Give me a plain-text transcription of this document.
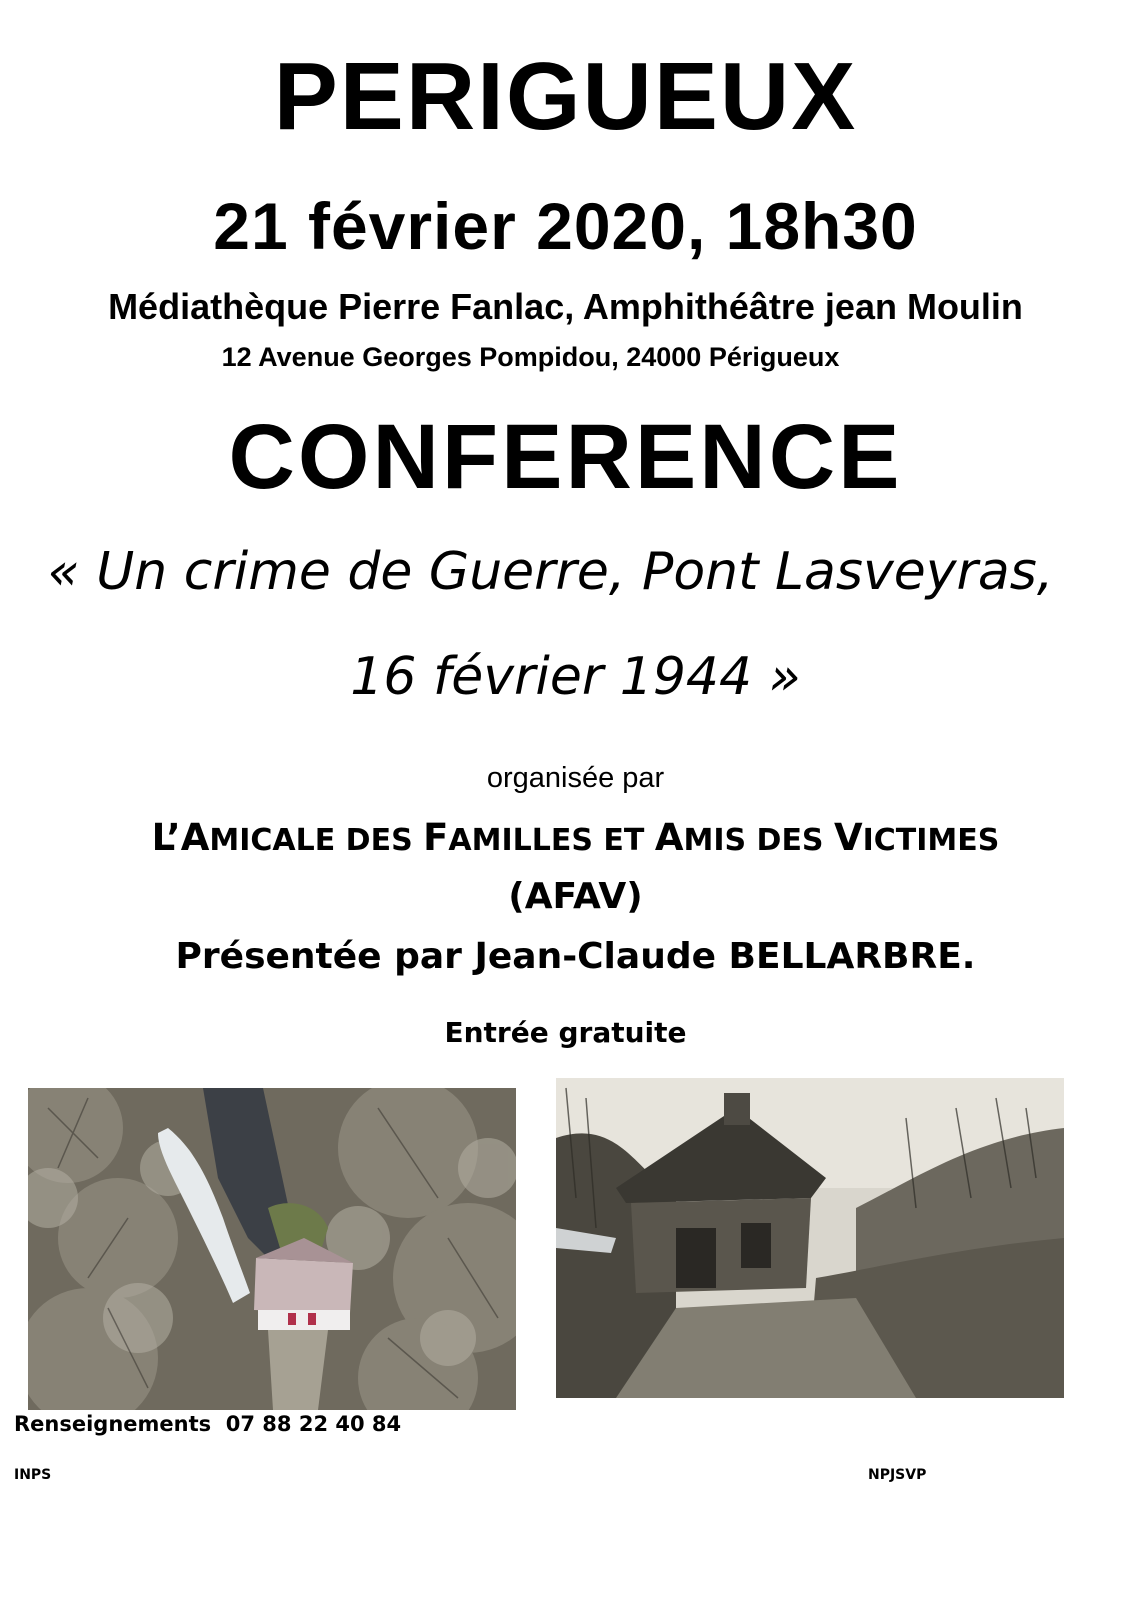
PERIGUEUX
21 février 2020, 18h30
Médiathèque Pierre Fanlac, Amphithéâtre jean Moulin
12 Avenue Georges Pompidou, 24000 Périgueux
CONFERENCE
« Un crime de Guerre, Pont Lasveyras,
16 février 1944 »
organisée par
L’AMICALE DES FAMILLES ET AMIS DES VICTIMES
(AFAV)
Présentée par Jean-Claude BELLARBRE.
Entrée gratuite
Renseignements  07 88 22 40 84
INPS	NPJSVP
